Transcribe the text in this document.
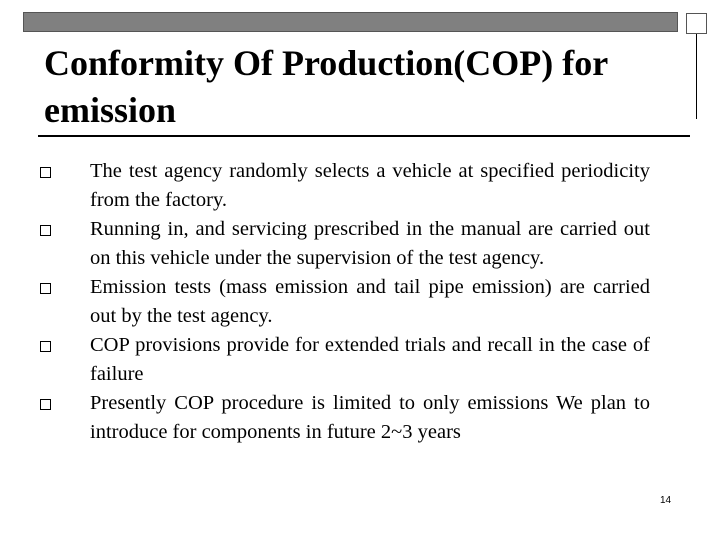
Conformity Of Production(COP) for emission
The test agency randomly selects a vehicle at specified periodicity from the factory.
Running in, and servicing prescribed in the manual are carried out on this vehicle under the supervision of the test agency.
Emission tests (mass emission and tail pipe emission) are carried out by the test agency.
COP provisions provide for extended trials and recall in the case of failure
Presently COP procedure is limited to only emissions We plan to introduce for components in future 2~3 years
14
